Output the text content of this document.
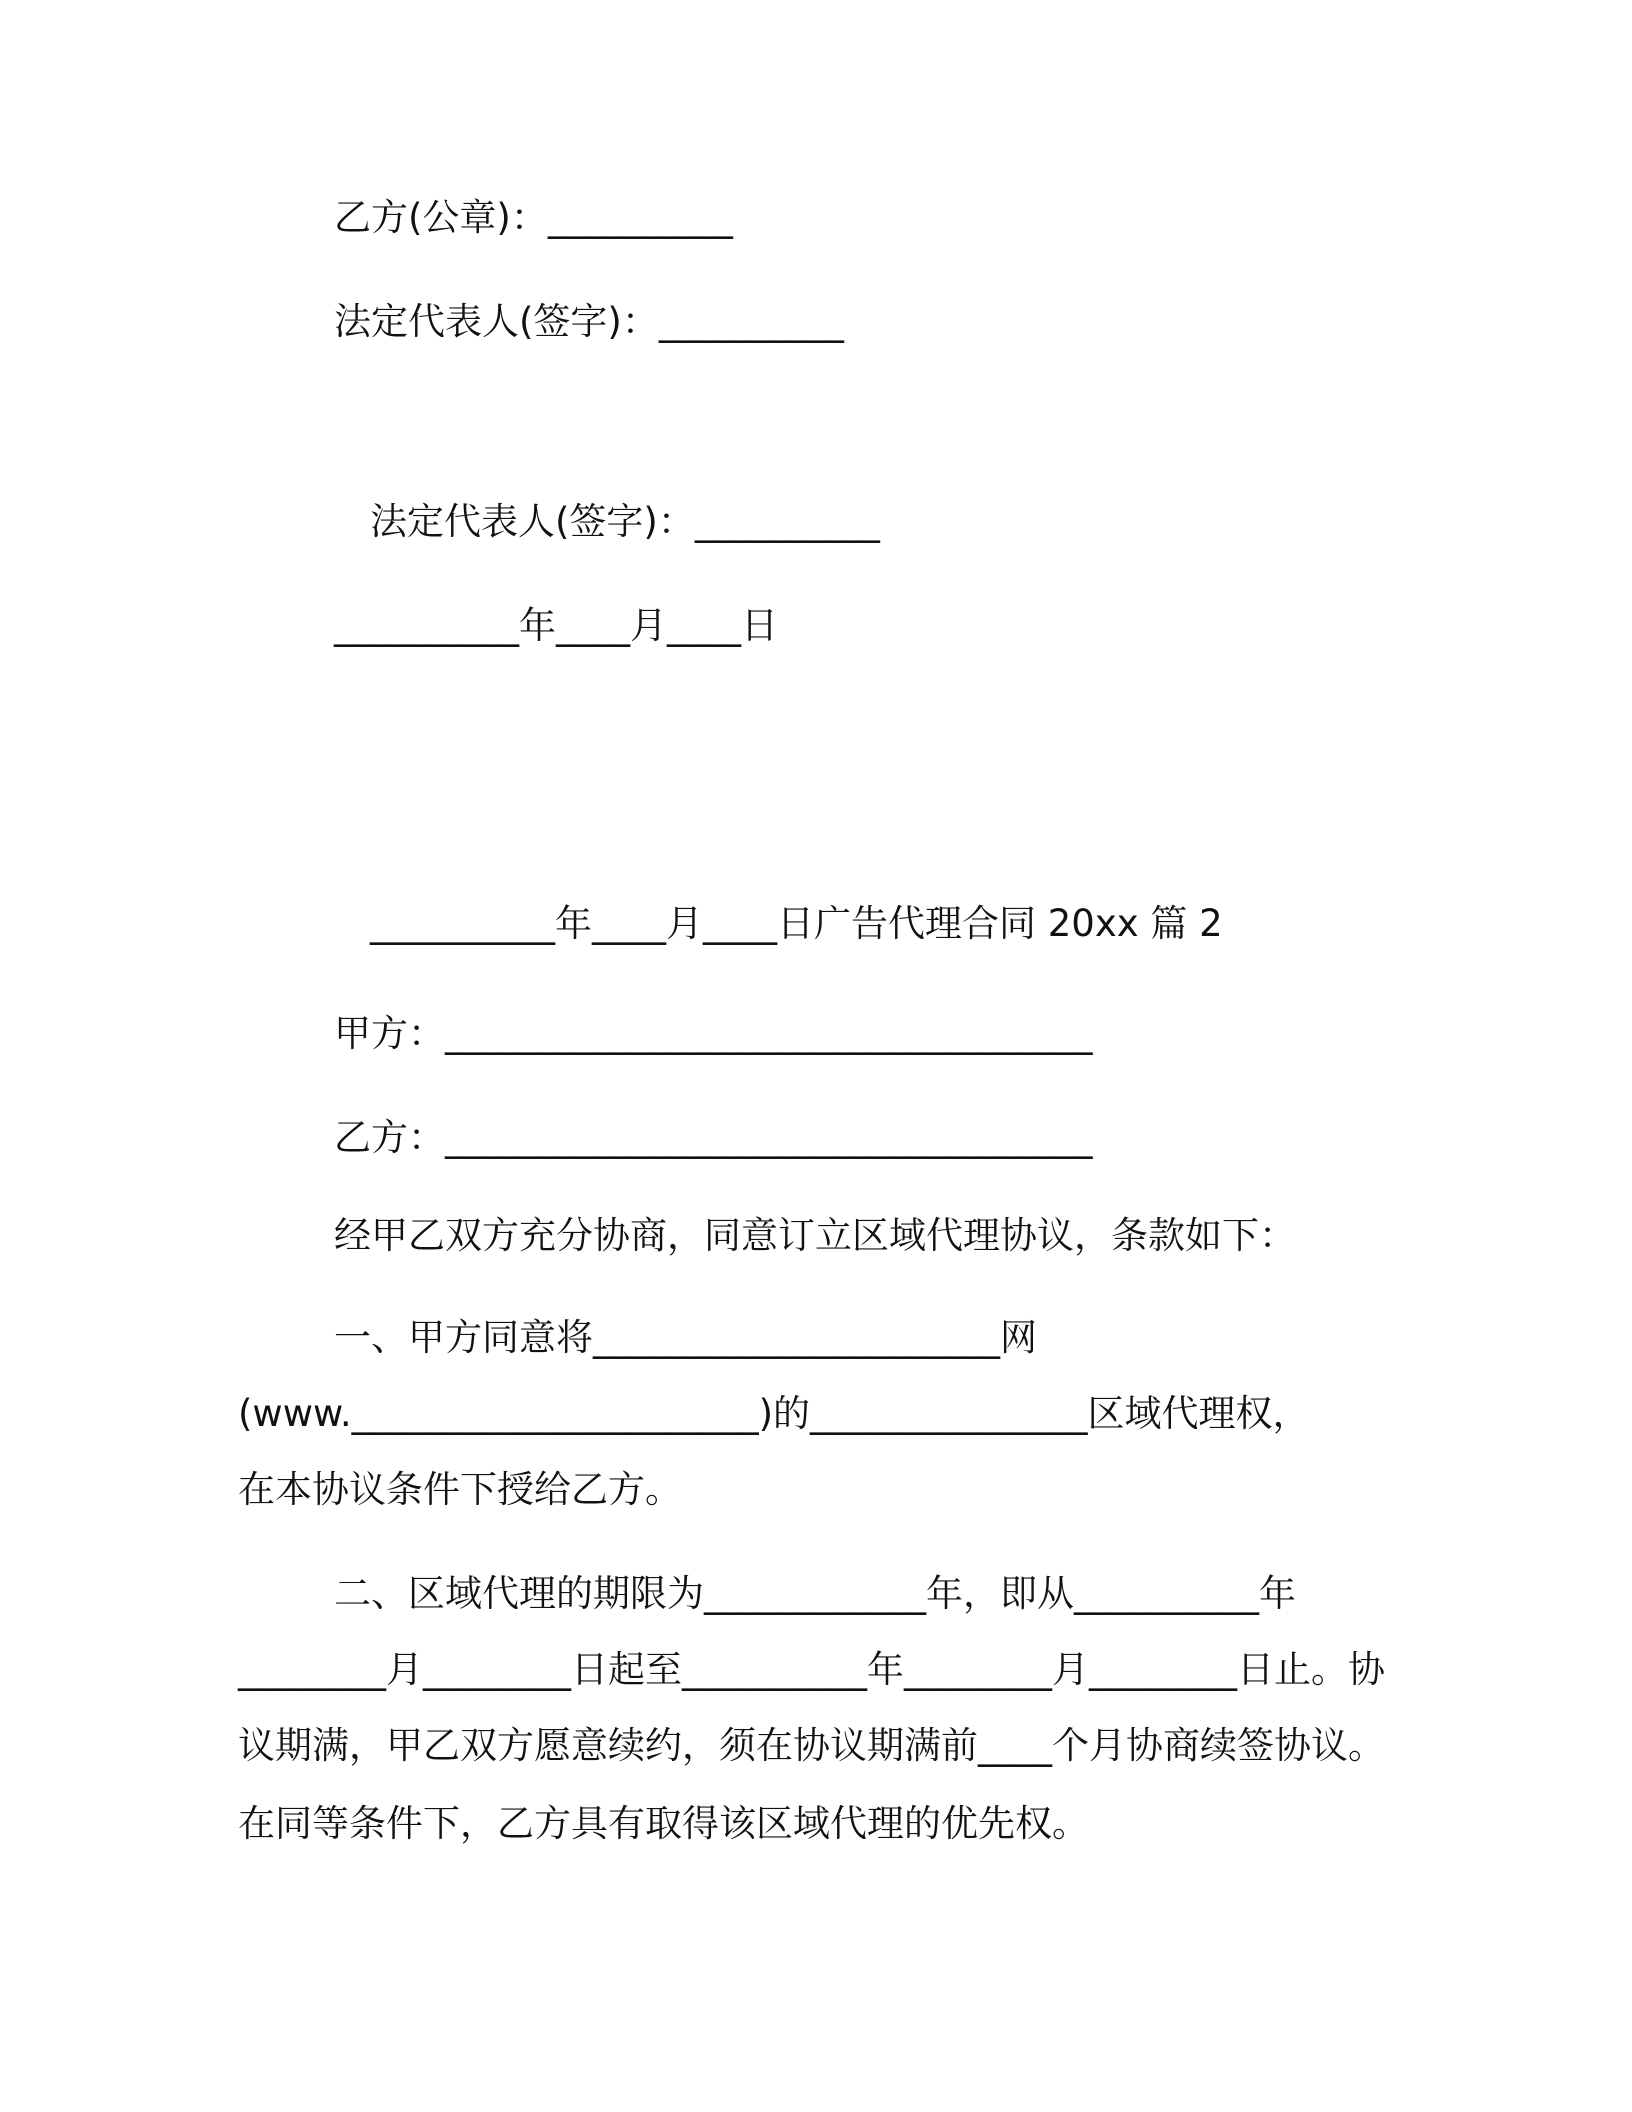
乙方(公章)：__________
法定代表人(签字)：__________
法定代表人(签字)：__________
__________年____月____日
__________年____月____日广告代理合同 20xx 篇 2
甲方：___________________________________
乙方：___________________________________
经甲乙双方充分协商，同意订立区域代理协议，条款如下：
一、甲方同意将______________________网
(www.______________________)的_______________区域代理权，
在本协议条件下授给乙方。
二、区域代理的期限为____________年，即从__________年
________月________日起至__________年________月________日止。协
议期满，甲乙双方愿意续约，须在协议期满前____个月协商续签协议。
在同等条件下，乙方具有取得该区域代理的优先权。
